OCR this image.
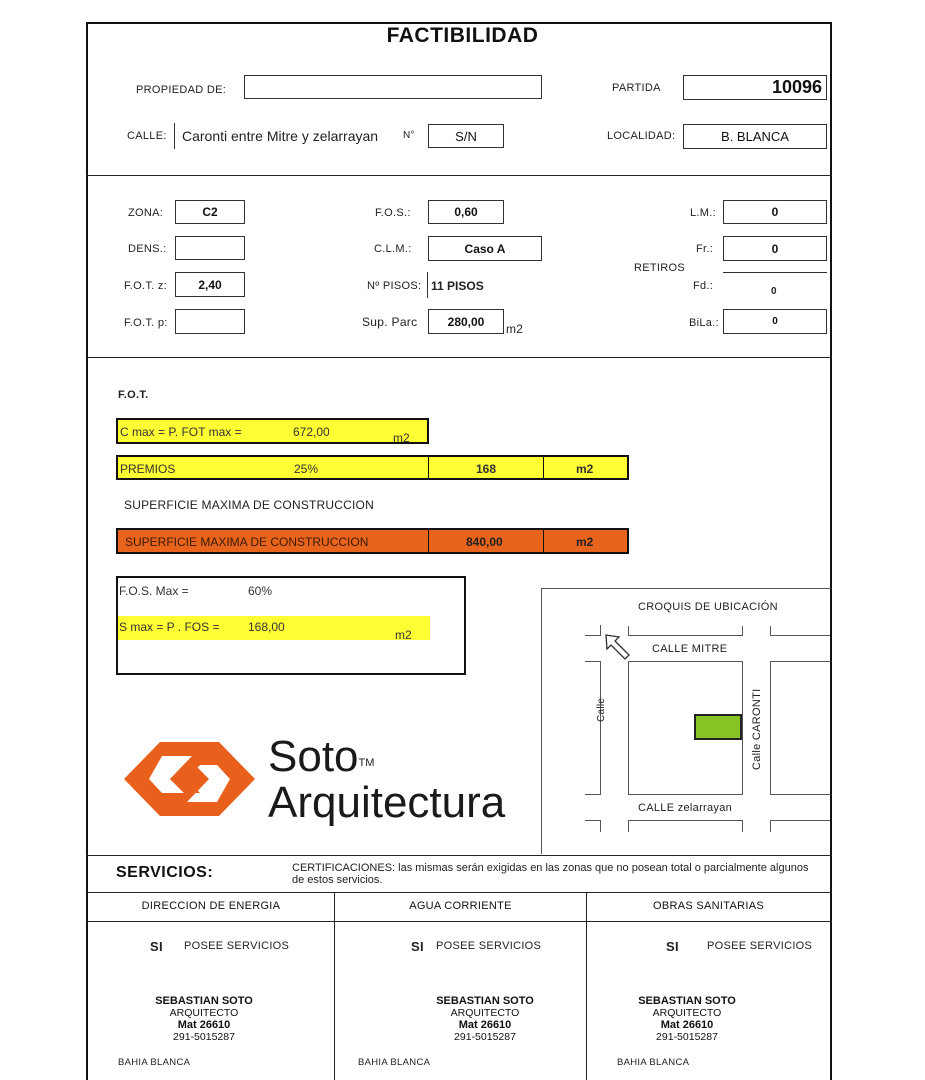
FACTIBILIDAD
PROPIEDAD DE:	PARTIDA	10096
CALLE: Caronti entre Mitre y zelarrayan N°	S/N	LOCALIDAD:	B. BLANCA
ZONA:	C2
DENS.:
F.O.T. z:	2,40
F.O.T. p:
F.O.S.:	0,60
C.L.M.:	Caso A
Nº PISOS: 11 PISOS
Sup. Parc	280,00
m2
L.M.:	0
Fr.:	0
RETIROS
Fd.:	0
BiLa.:	0
F.O.T.
C max = P. FOT max =	672,00	m2
PREMIOS	25%	168	m2
SUPERFICIE MAXIMA DE CONSTRUCCION
SUPERFICIE MAXIMA DE CONSTRUCCION	840,00	m2
F.O.S. Max =	60%
S max = P . FOS = 168,00
m2
Soto™
Arquitectura
CROQUIS DE UBICACIÓN
CALLE MITRE
CALLE zelarrayan
Calle	Calle CARONTI
SERVICIOS:	CERTIFICACIONES: las mismas serán exigidas en las zonas que no posean total o parcialmente algunos de estos servicios.
DIRECCION DE ENERGIA	AGUA CORRIENTE	OBRAS SANITARIAS
SI POSEE SERVICIOS	SI POSEE SERVICIOS	SI	POSEE SERVICIOS
SEBASTIAN SOTO
ARQUITECTO
Mat 26610
291-5015287
SEBASTIAN SOTO
ARQUITECTO
Mat 26610
291-5015287
SEBASTIAN SOTO
ARQUITECTO
Mat 26610
291-5015287
BAHIA BLANCA	BAHIA BLANCA	BAHIA BLANCA
